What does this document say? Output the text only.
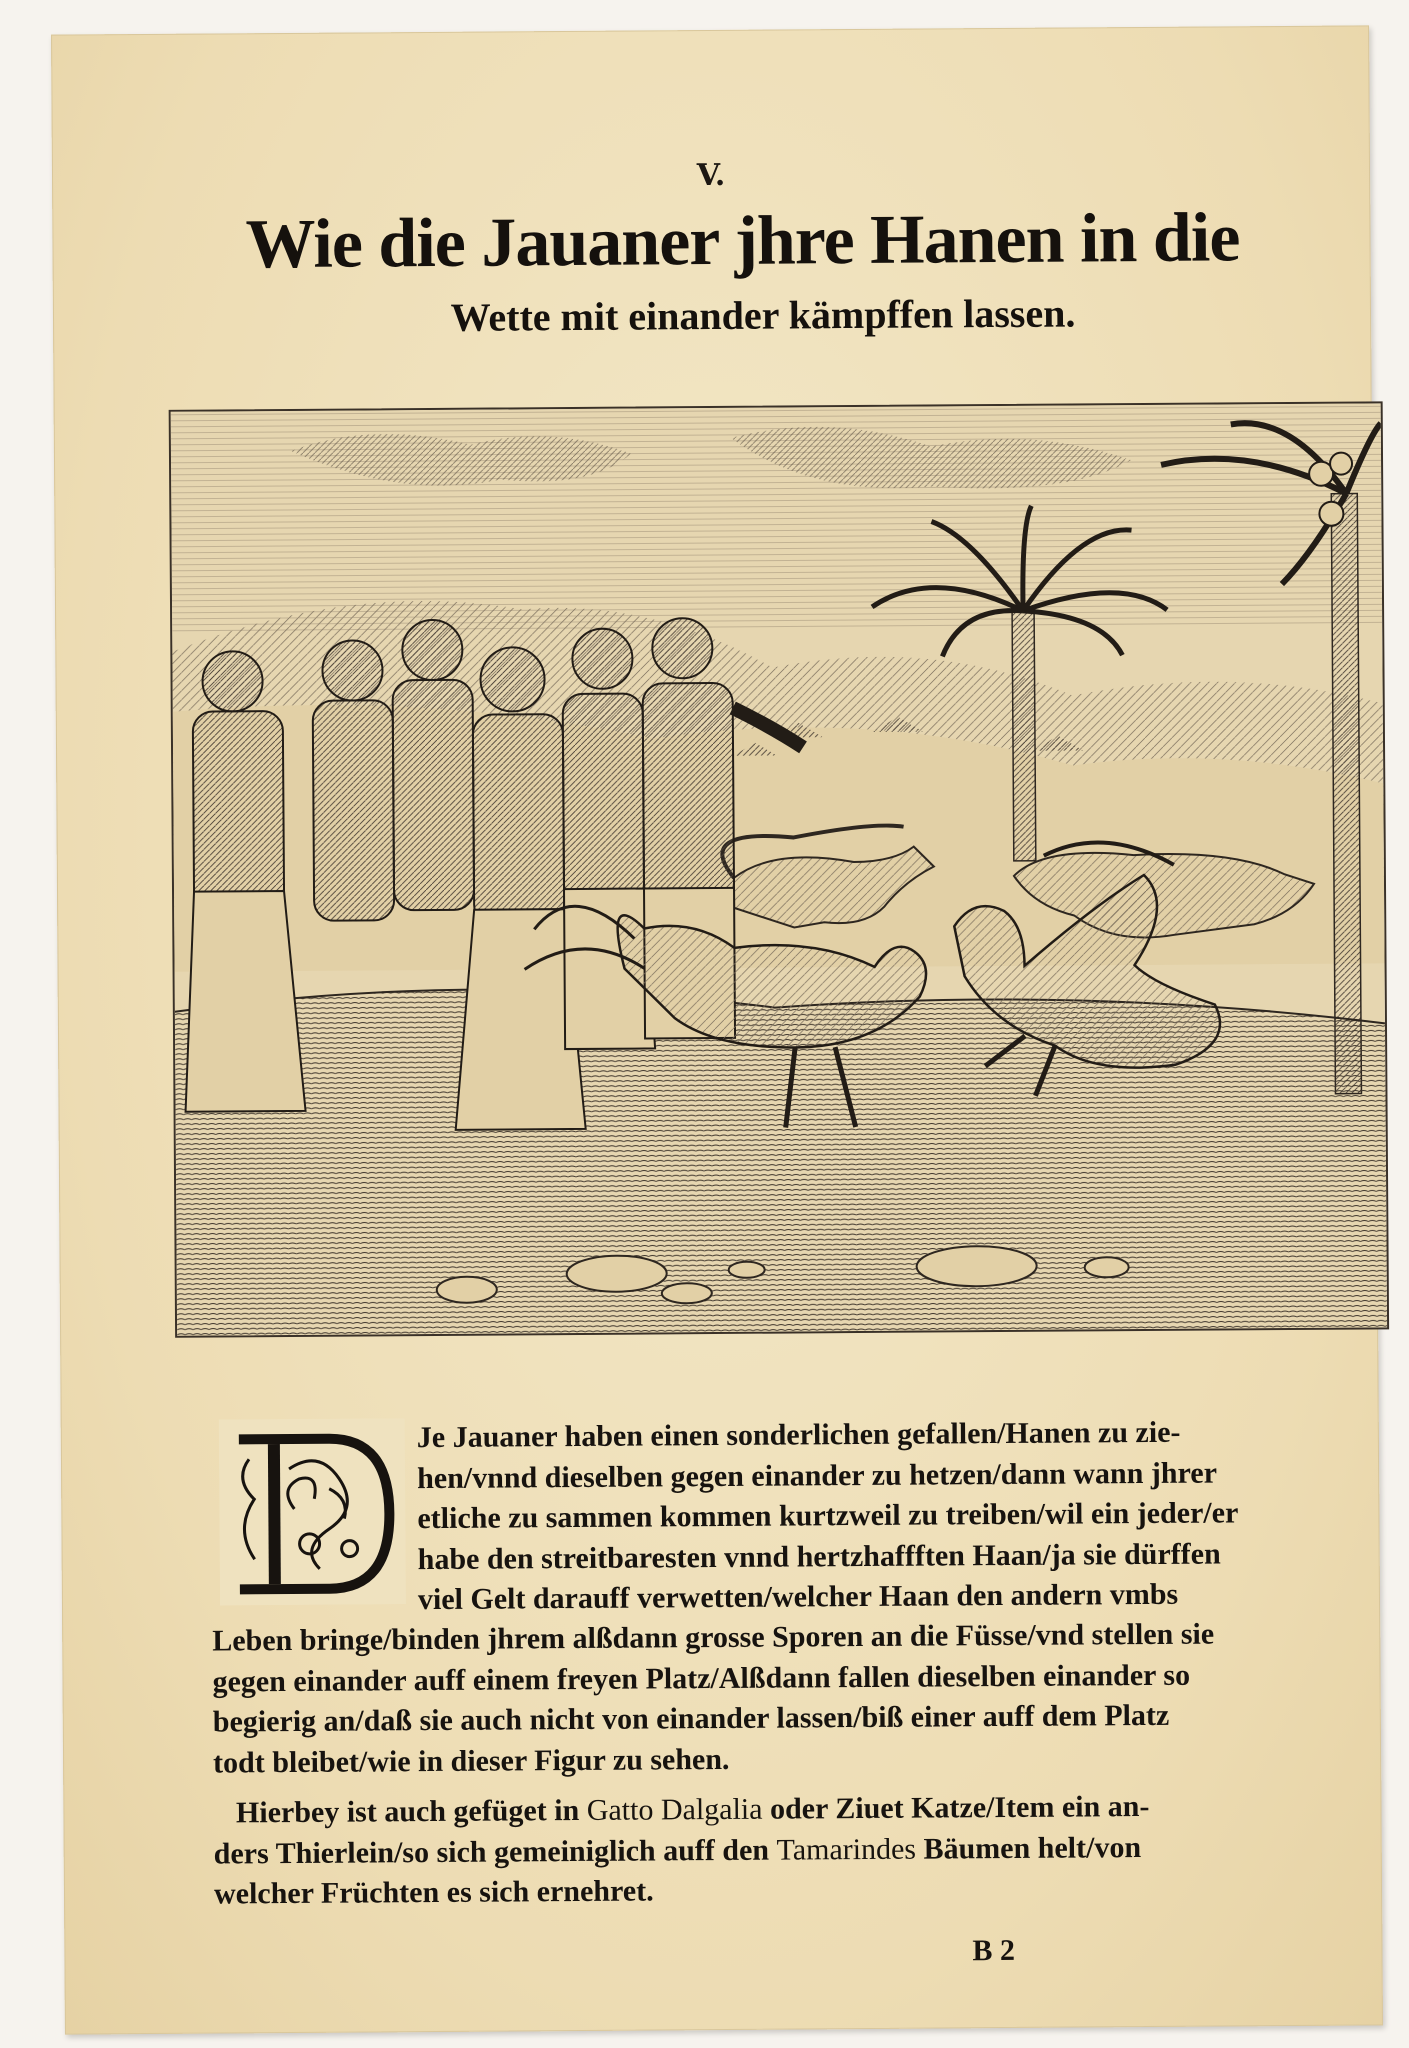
V.
Wie die Jauaner jhre Hanen in die
Wette mit einander kämpffen lassen.
D
Je Jauaner haben einen sonderlichen gefallen/Hanen zu zie-
hen/vnnd dieselben gegen einander zu hetzen/dann wann jhrer
etliche zu sammen kommen kurtzweil zu treiben/wil ein jeder/er
habe den streitbaresten vnnd hertzhaffften Haan/ja sie dürffen
viel Gelt darauff verwetten/welcher Haan den andern vmbs
Leben bringe/binden jhrem alßdann grosse Sporen an die Füsse/vnd stellen sie
gegen einander auff einem freyen Platz/Alßdann fallen dieselben einander so
begierig an/daß sie auch nicht von einander lassen/biß einer auff dem Platz
todt bleibet/wie in dieser Figur zu sehen.
Hierbey ist auch gefüget in Gatto Dalgalia oder Ziuet Katze/Item ein an-
ders Thierlein/so sich gemeiniglich auff den Tamarindes Bäumen helt/von
welcher Früchten es sich ernehret.
B 2
